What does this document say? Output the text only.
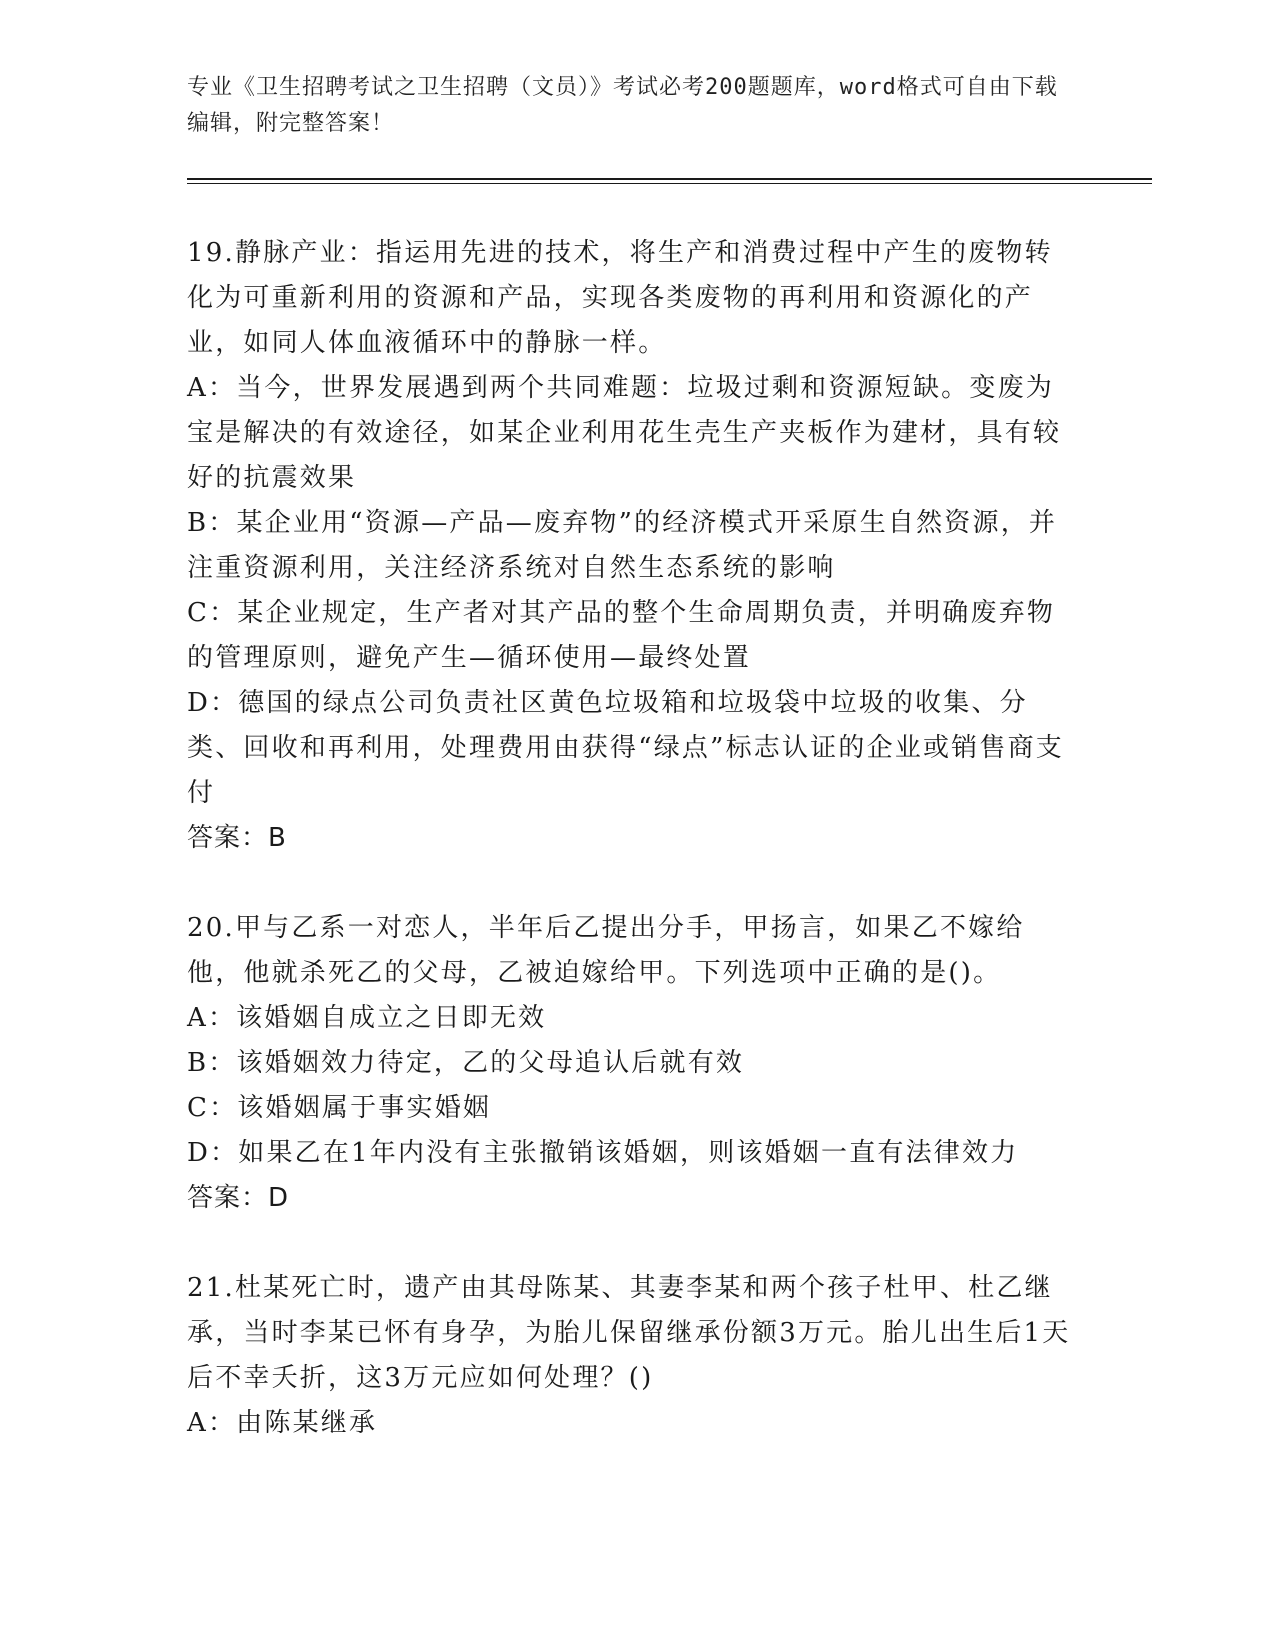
专业《卫生招聘考试之卫生招聘（文员）》考试必考200题题库，word格式可自由下载编辑，附完整答案！

19.静脉产业：指运用先进的技术，将生产和消费过程中产生的废物转化为可重新利用的资源和产品，实现各类废物的再利用和资源化的产业，如同人体血液循环中的静脉一样。

A：当今，世界发展遇到两个共同难题：垃圾过剩和资源短缺。变废为宝是解决的有效途径，如某企业利用花生壳生产夹板作为建材，具有较好的抗震效果

B：某企业用“资源—产品—废弃物”的经济模式开采原生自然资源，并注重资源利用，关注经济系统对自然生态系统的影响

C：某企业规定，生产者对其产品的整个生命周期负责，并明确废弃物的管理原则，避免产生—循环使用—最终处置

D：德国的绿点公司负责社区黄色垃圾箱和垃圾袋中垃圾的收集、分类、回收和再利用，处理费用由获得“绿点”标志认证的企业或销售商支付

答案：B

20.甲与乙系一对恋人，半年后乙提出分手，甲扬言，如果乙不嫁给他，他就杀死乙的父母，乙被迫嫁给甲。下列选项中正确的是()。

A：该婚姻自成立之日即无效

B：该婚姻效力待定，乙的父母追认后就有效

C：该婚姻属于事实婚姻

D：如果乙在1年内没有主张撤销该婚姻，则该婚姻一直有法律效力

答案：D

21.杜某死亡时，遗产由其母陈某、其妻李某和两个孩子杜甲、杜乙继承，当时李某已怀有身孕，为胎儿保留继承份额3万元。胎儿出生后1天后不幸夭折，这3万元应如何处理？()

A：由陈某继承
